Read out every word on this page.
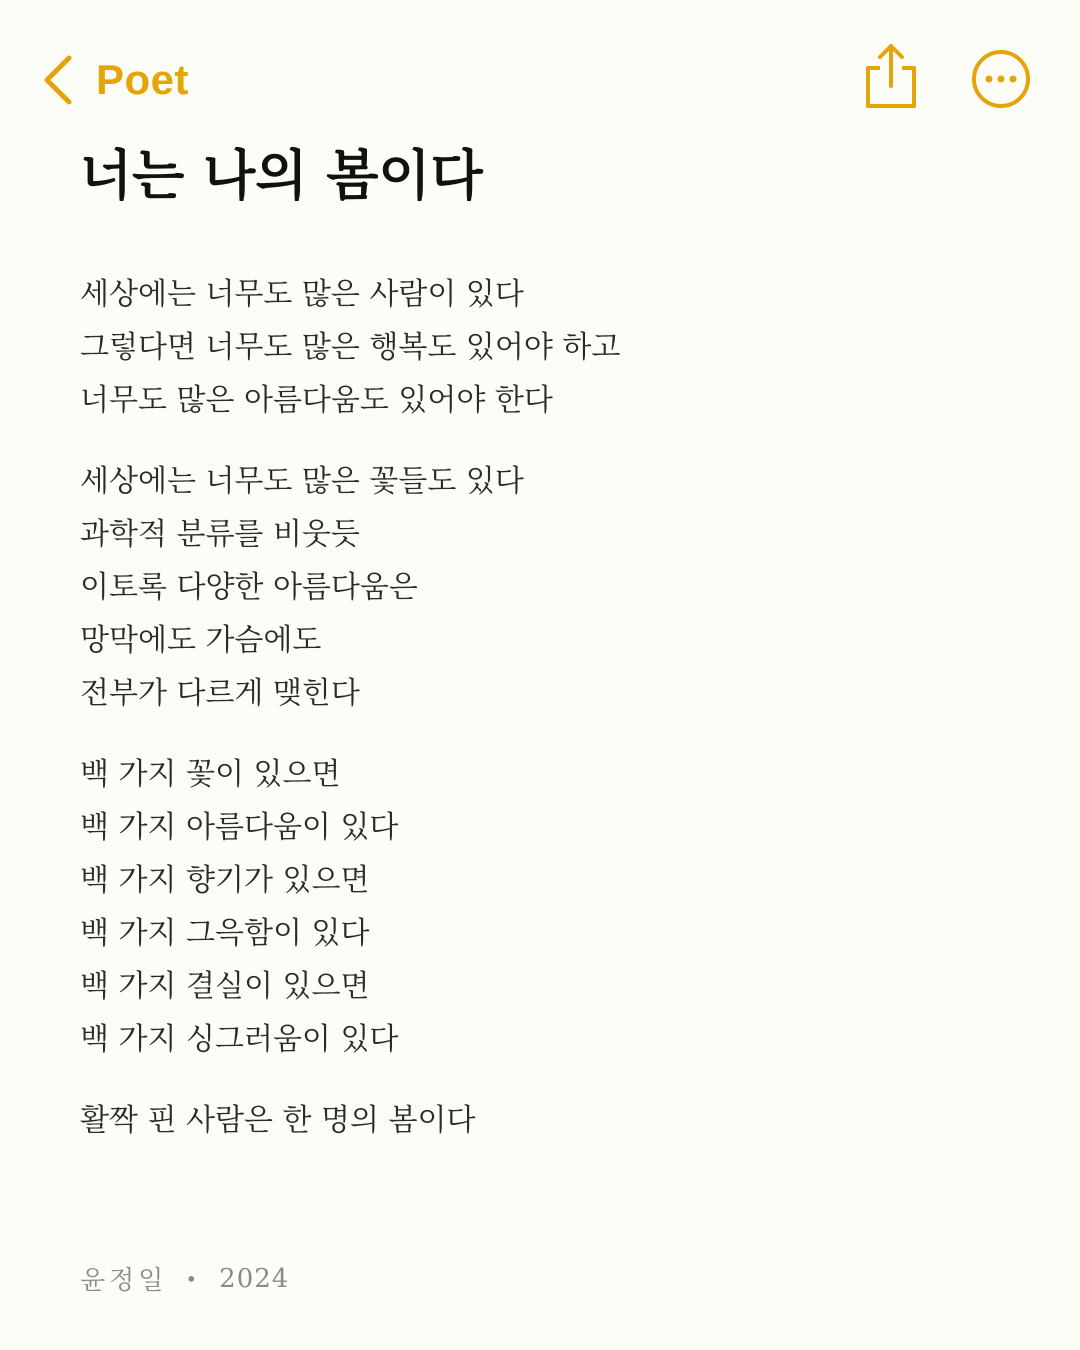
Poet
너는 나의 봄이다
세상에는 너무도 많은 사람이 있다
그렇다면 너무도 많은 행복도 있어야 하고
너무도 많은 아름다움도 있어야 한다
세상에는 너무도 많은 꽃들도 있다
과학적 분류를 비웃듯
이토록 다양한 아름다움은
망막에도 가슴에도
전부가 다르게 맺힌다
백 가지 꽃이 있으면
백 가지 아름다움이 있다
백 가지 향기가 있으면
백 가지 그윽함이 있다
백 가지 결실이 있으면
백 가지 싱그러움이 있다
활짝 핀 사람은 한 명의 봄이다
윤정일 • 2024
